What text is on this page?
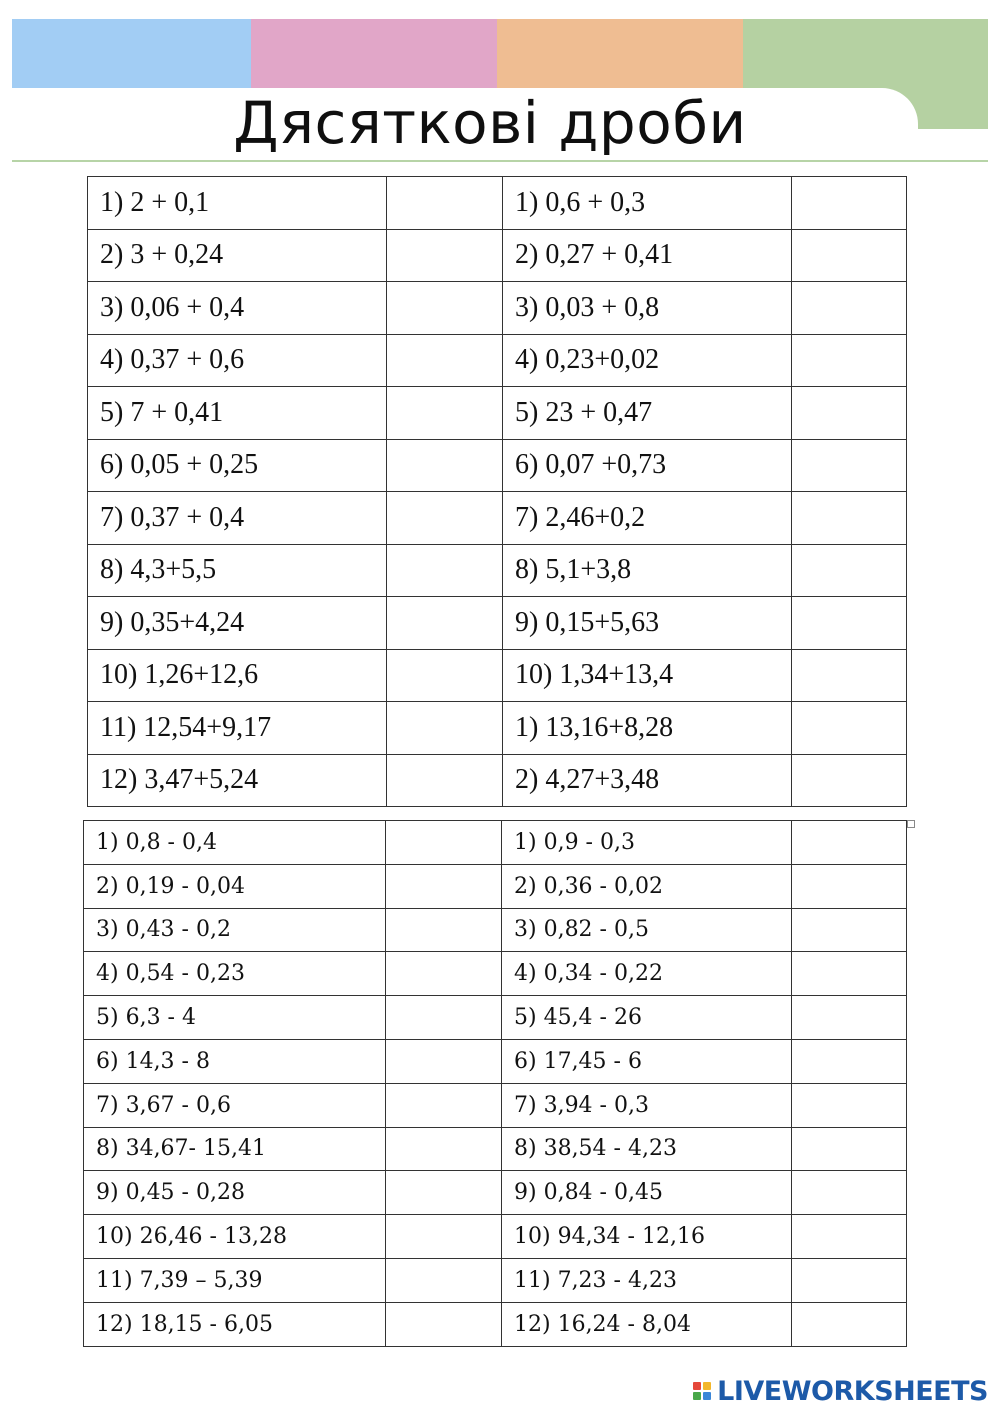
Дясяткові дроби
1) 2 + 0,1		1) 0,6 + 0,3	
2) 3 + 0,24		2) 0,27 + 0,41	
3) 0,06 + 0,4		3) 0,03 + 0,8	
4) 0,37 + 0,6		4) 0,23+0,02	
5) 7 + 0,41		5) 23 + 0,47	
6) 0,05 + 0,25		6) 0,07 +0,73	
7) 0,37 + 0,4		7) 2,46+0,2	
8) 4,3+5,5		8) 5,1+3,8	
9) 0,35+4,24		9) 0,15+5,63	
10) 1,26+12,6		10) 1,34+13,4	
11) 12,54+9,17		1) 13,16+8,28	
12) 3,47+5,24		2) 4,27+3,48	
1) 0,8 - 0,4		1) 0,9 - 0,3	
2) 0,19 - 0,04		2) 0,36 - 0,02	
3) 0,43 - 0,2		3) 0,82 - 0,5	
4) 0,54 - 0,23		4) 0,34 - 0,22	
5) 6,3 - 4		5) 45,4 - 26	
6) 14,3 - 8		6) 17,45 - 6	
7) 3,67 - 0,6		7) 3,94 - 0,3	
8) 34,67- 15,41		8) 38,54 - 4,23	
9) 0,45 - 0,28		9) 0,84 - 0,45	
10) 26,46 - 13,28		10) 94,34 - 12,16	
11) 7,39 – 5,39		11) 7,23 - 4,23	
12) 18,15 - 6,05		12) 16,24 - 8,04	
LIVEWORKSHEETS
